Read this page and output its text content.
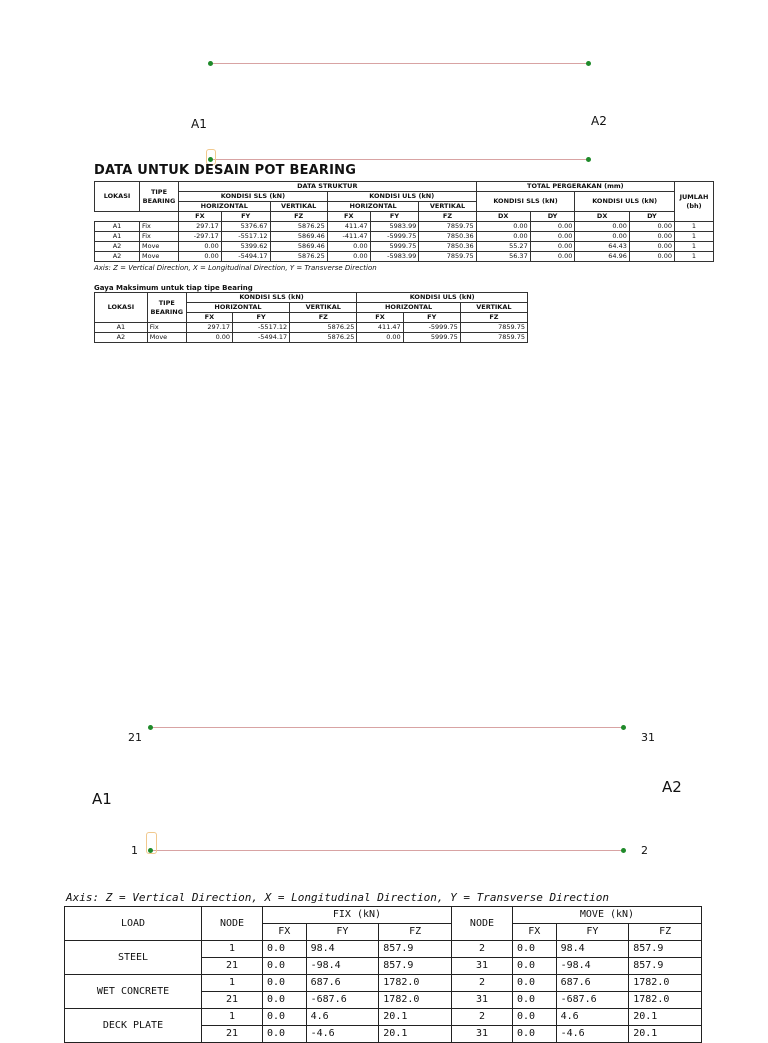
A1	A2
DATA UNTUK DESAIN POT BEARING
LOKASI	TIPE BEARING	DATA STRUKTUR						TOTAL PERGERAKAN (mm)				JUMLAH (bh)
		KONDISI SLS (kN)			KONDISI ULS (kN)			KONDISI SLS (kN)		KONDISI ULS (kN)		
		HORIZONTAL		VERTIKAL	HORIZONTAL		VERTIKAL					
		FX	FY	FZ	FX	FY	FZ	DX	DY	DX	DY	
A1	Fix	297.17	5376.67	5876.25	411.47	5983.99	7859.75	0.00	0.00	0.00	0.00	1
A1	Fix	-297.17	-5517.12	5869.46	-411.47	-5999.75	7850.36	0.00	0.00	0.00	0.00	1
A2	Move	0.00	5399.62	5869.46	0.00	5999.75	7850.36	55.27	0.00	64.43	0.00	1
A2	Move	0.00	-5494.17	5876.25	0.00	-5983.99	7859.75	56.37	0.00	64.96	0.00	1
Axis: Z = Vertical Direction, X = Longitudinal Direction, Y = Transverse Direction
Gaya Maksimum untuk tiap tipe Bearing
LOKASI	TIPE BEARING	KONDISI SLS (kN)			KONDISI ULS (kN)		
		HORIZONTAL		VERTIKAL	HORIZONTAL		VERTIKAL
		FX	FY	FZ	FX	FY	FZ
A1	Fix	297.17	-5517.12	5876.25	411.47	-5999.75	7859.75
A2	Move	0.00	-5494.17	5876.25	0.00	5999.75	7859.75
21	31
1	2
A1
A2
Axis: Z = Vertical Direction, X = Longitudinal Direction, Y = Transverse Direction
LOAD	NODE	FIX (kN)			NODE	MOVE (kN)		
		FX	FY	FZ		FX	FY	FZ
STEEL	1	0.0	98.4	857.9	2	0.0	98.4	857.9
	21	0.0	-98.4	857.9	31	0.0	-98.4	857.9
WET CONCRETE	1	0.0	687.6	1782.0	2	0.0	687.6	1782.0
	21	0.0	-687.6	1782.0	31	0.0	-687.6	1782.0
DECK PLATE	1	0.0	4.6	20.1	2	0.0	4.6	20.1
	21	0.0	-4.6	20.1	31	0.0	-4.6	20.1
